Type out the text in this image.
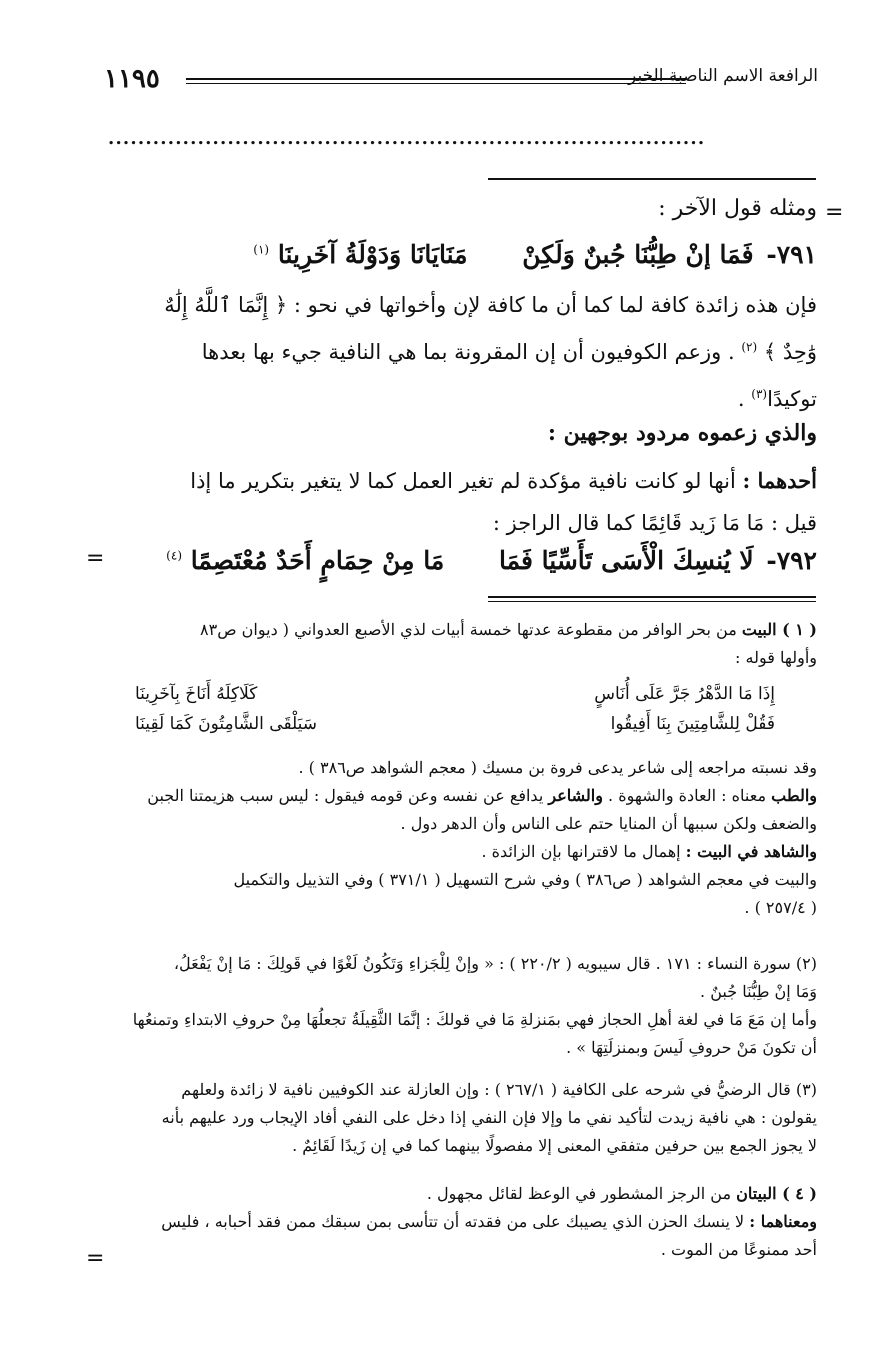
١١٩٥	الرافعة الاسم الناصبة الخبر
................................................................................
=
=
=
ومثله قول الآخر :
٧٩١- فَمَا إنْ طِبُّنَا جُبنٌ وَلَكِنْ مَنَايَانَا وَدَوْلَةُ آخَرِينَا $^{(١)}$
فإن هذه زائدة كافة لما كما أن ما كافة لإن وأخواتها في نحو : ﴿ إِنَّمَا ٱللَّهُ إِلَٰهٌ
وَٰحِدٌ ﴾ $^{(٢)}$ . وزعم الكوفيون أن إن المقرونة بما هي النافية جيء بها بعدها
توكيدًا$^{(٣)}$ .
والذي زعموه مردود بوجهين :
أحدهما : أنها لو كانت نافية مؤكدة لم تغير العمل كما لا يتغير بتكرير ما إذا
قيل : مَا مَا زَيد قَائِمًا كما قال الراجز :
٧٩٢- لَا يُنسِكَ الْأَسَى تَأَسِّيًا فَمَا مَا مِنْ حِمَامٍ أَحَدٌ مُعْتَصِمًا $^{(٤)}$
( ١ ) البيت من بحر الوافر من مقطوعة عدتها خمسة أبيات لذي الأصبع العدواني ( ديوان ص٨٣
وأولها قوله :
إِذَا مَا الدَّهْرُ جَرَّ عَلَى أُنَاسٍ
كَلَاكِلَهُ أَنَاخَ بِآخَرِينَا
فَقُلْ لِلشَّامِتِينَ بِنَا أَفِيقُوا
سَيَلْقَى الشَّامِتُونَ كَمَا لَقِينَا
وقد نسبته مراجعه إلى شاعر يدعى فروة بن مسيك ( معجم الشواهد ص٣٨٦ ) .
والطب معناه : العادة والشهوة . والشاعر يدافع عن نفسه وعن قومه فيقول : ليس سبب هزيمتنا الجبن
والضعف ولكن سببها أن المنايا حتم على الناس وأن الدهر دول .
والشاهد في البيت : إهمال ما لاقترانها بإن الزائدة .
والبيت في معجم الشواهد ( ص٣٨٦ ) وفي شرح التسهيل ( ٣٧١/١ ) وفي التذييل والتكميل
( ٢٥٧/٤ ) .
(٢) سورة النساء : ١٧١ . قال سيبويه ( ٢٢٠/٢ ) : « وإنْ لِلْجَزاءِ وَتَكُونُ لَغْوًا في قَولِكَ : مَا إنْ يَفْعَلُ،
وَمَا إنْ طِبُّنَا جُبنٌ .
وأما إن مَعَ مَا في لغة أهلِ الحجاز فهي بمَنزلةِ مَا في قولكَ : إنَّمَا الثَّقِيلَةُ تجعلُهَا مِنْ حروفِ الابتداءِ وتمنعُها
أن تكونَ مَنْ حروفِ لَيسَ وبمنزلَتِهَا » .
(٣) قال الرضيُّ في شرحه على الكافية ( ٢٦٧/١ ) : وإن العازلة عند الكوفيين نافية لا زائدة ولعلهم
يقولون : هي نافية زيدت لتأكيد نفي ما وإلا فإن النفي إذا دخل على النفي أفاد الإيجاب ورد عليهم بأنه
لا يجوز الجمع بين حرفين متفقي المعنى إلا مفصولًا بينهما كما في إن زَيدًا لَقَائِمٌ .
( ٤ ) البيتان من الرجز المشطور في الوعظ لقائل مجهول .
ومعناهما : لا ينسك الحزن الذي يصيبك على من فقدته أن تتأسى بمن سبقك ممن فقد أحبابه ، فليس
أحد ممنوعًا من الموت .
